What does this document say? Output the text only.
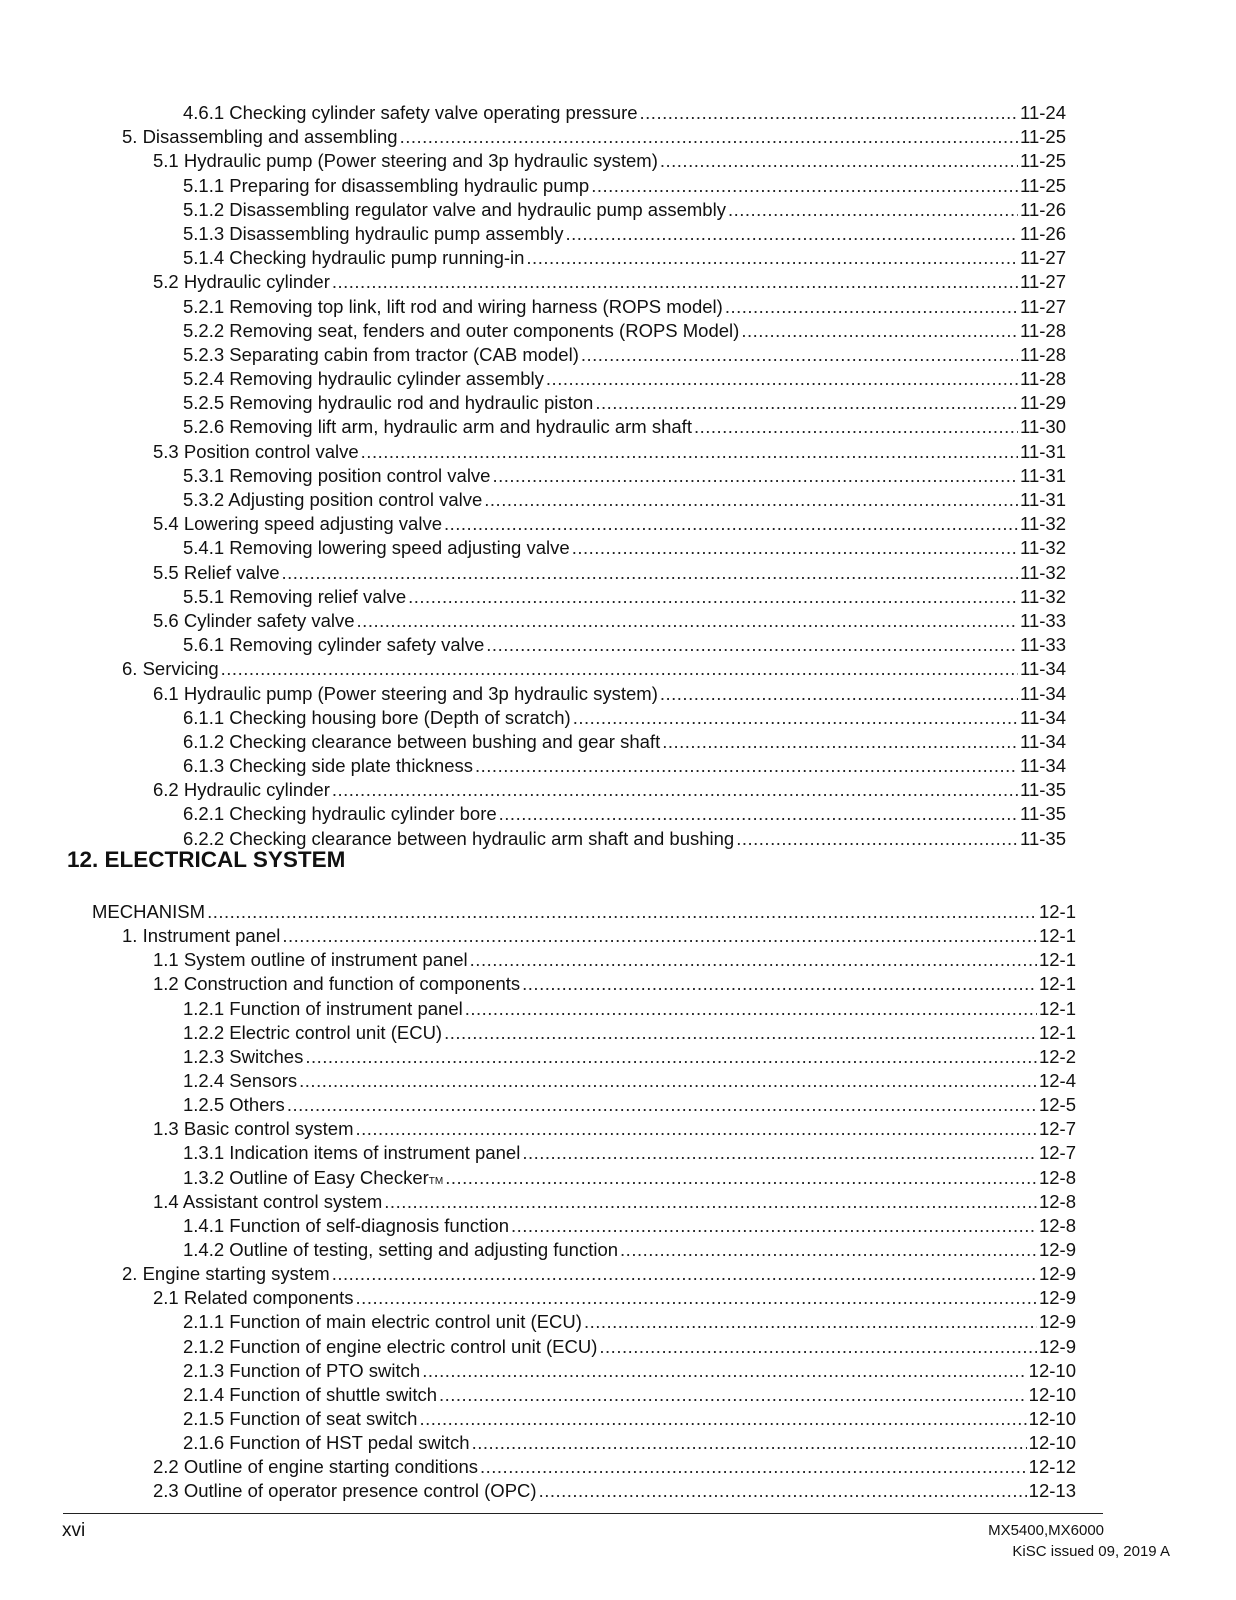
4.6.1 Checking cylinder safety valve operating pressure .....	11-24
5. Disassembling and assembling .....	11-25
5.1 Hydraulic pump (Power steering and 3p hydraulic system) .....	11-25
5.1.1 Preparing for disassembling hydraulic pump .....	11-25
5.1.2 Disassembling regulator valve and hydraulic pump assembly .....	11-26
5.1.3 Disassembling hydraulic pump assembly .....	11-26
5.1.4 Checking hydraulic pump running-in .....	11-27
5.2 Hydraulic cylinder .....	11-27
5.2.1 Removing top link, lift rod and wiring harness (ROPS model) .....	11-27
5.2.2 Removing seat, fenders and outer components (ROPS Model) .....	11-28
5.2.3 Separating cabin from tractor (CAB model) .....	11-28
5.2.4 Removing hydraulic cylinder assembly .....	11-28
5.2.5 Removing hydraulic rod and hydraulic piston .....	11-29
5.2.6 Removing lift arm, hydraulic arm and hydraulic arm shaft .....	11-30
5.3 Position control valve .....	11-31
5.3.1 Removing position control valve .....	11-31
5.3.2 Adjusting position control valve .....	11-31
5.4 Lowering speed adjusting valve .....	11-32
5.4.1 Removing lowering speed adjusting valve .....	11-32
5.5 Relief valve .....	11-32
5.5.1 Removing relief valve .....	11-32
5.6 Cylinder safety valve .....	11-33
5.6.1 Removing cylinder safety valve .....	11-33
6. Servicing .....	11-34
6.1 Hydraulic pump (Power steering and 3p hydraulic system) .....	11-34
6.1.1 Checking housing bore (Depth of scratch) .....	11-34
6.1.2 Checking clearance between bushing and gear shaft .....	11-34
6.1.3 Checking side plate thickness .....	11-34
6.2 Hydraulic cylinder .....	11-35
6.2.1 Checking hydraulic cylinder bore .....	11-35
6.2.2 Checking clearance between hydraulic arm shaft and bushing .....	11-35
12. ELECTRICAL SYSTEM
MECHANISM .....	12-1
1. Instrument panel .....	12-1
1.1 System outline of instrument panel .....	12-1
1.2 Construction and function of components .....	12-1
1.2.1 Function of instrument panel .....	12-1
1.2.2 Electric control unit (ECU) .....	12-1
1.2.3 Switches .....	12-2
1.2.4 Sensors .....	12-4
1.2.5 Others .....	12-5
1.3 Basic control system .....	12-7
1.3.1 Indication items of instrument panel .....	12-7
1.3.2 Outline of Easy Checker TM .....	12-8
1.4 Assistant control system .....	12-8
1.4.1 Function of self-diagnosis function .....	12-8
1.4.2 Outline of testing, setting and adjusting function .....	12-9
2. Engine starting system .....	12-9
2.1 Related components .....	12-9
2.1.1 Function of main electric control unit (ECU) .....	12-9
2.1.2 Function of engine electric control unit (ECU) .....	12-9
2.1.3 Function of PTO switch .....	12-10
2.1.4 Function of shuttle switch .....	12-10
2.1.5 Function of seat switch .....	12-10
2.1.6 Function of HST pedal switch .....	12-10
2.2 Outline of engine starting conditions .....	12-12
2.3 Outline of operator presence control (OPC) .....	12-13
xvi	MX5400,MX6000
KiSC issued 09, 2019 A
